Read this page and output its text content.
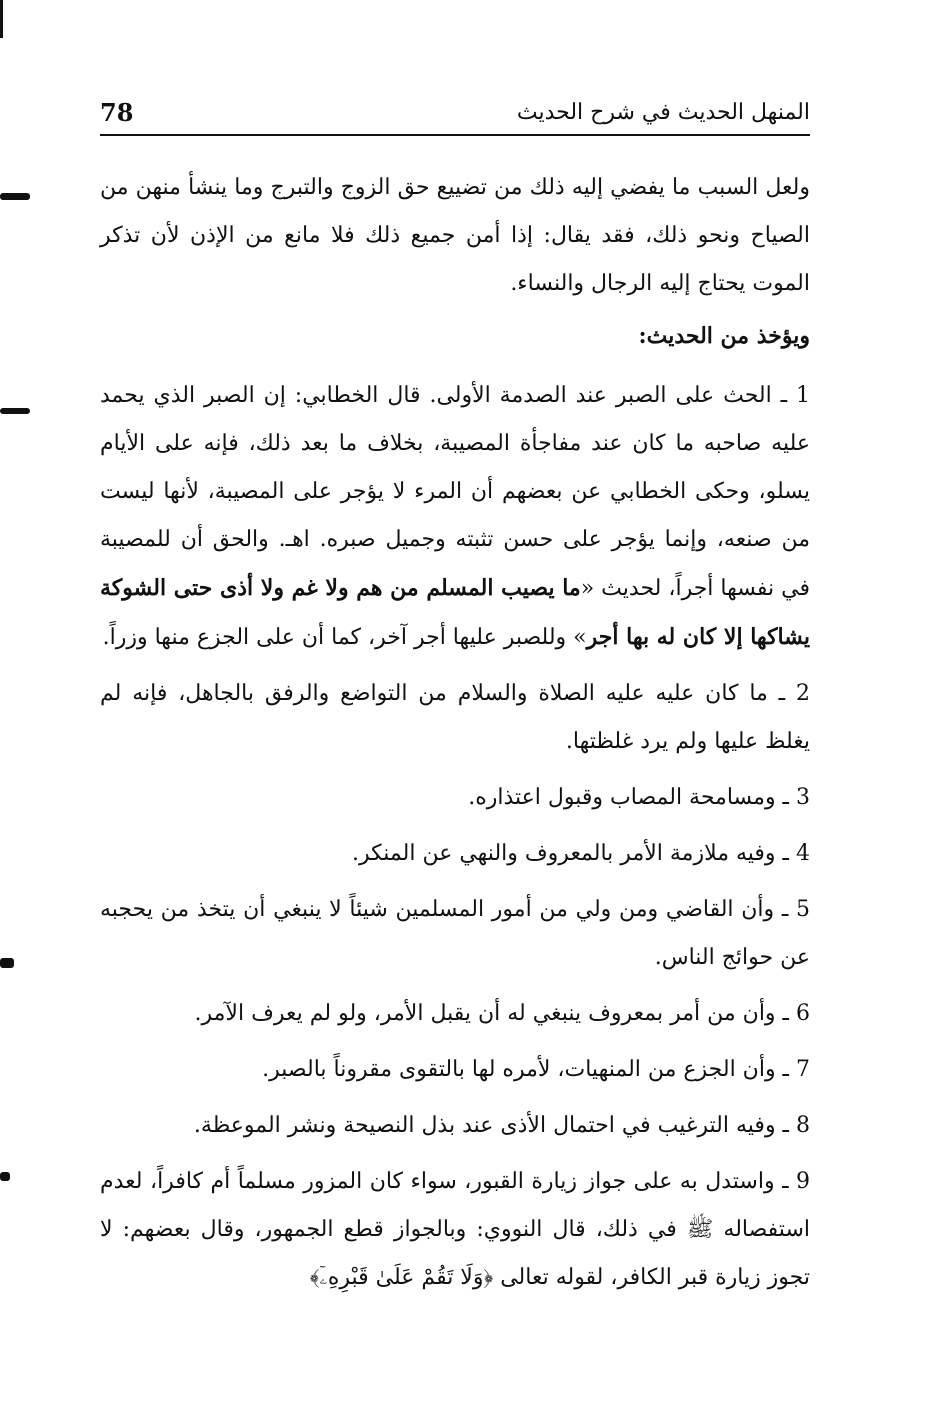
المنهل الحديث في شرح الحديث
78

ولعل السبب ما يفضي إليه ذلك من تضييع حق الزوج والتبرج وما ينشأ منهن من الصياح ونحو ذلك، فقد يقال: إذا أمن جميع ذلك فلا مانع من الإذن لأن تذكر الموت يحتاج إليه الرجال والنساء.

ويؤخذ من الحديث:

1 ـ الحث على الصبر عند الصدمة الأولى. قال الخطابي: إن الصبر الذي يحمد عليه صاحبه ما كان عند مفاجأة المصيبة، بخلاف ما بعد ذلك، فإنه على الأيام يسلو، وحكى الخطابي عن بعضهم أن المرء لا يؤجر على المصيبة، لأنها ليست من صنعه، وإنما يؤجر على حسن تثبته وجميل صبره. اهـ. والحق أن للمصيبة في نفسها أجراً، لحديث «ما يصيب المسلم من هم ولا غم ولا أذى حتى الشوكة يشاكها إلا كان له بها أجر» وللصبر عليها أجر آخر، كما أن على الجزع منها وزراً.

2 ـ ما كان عليه عليه الصلاة والسلام من التواضع والرفق بالجاهل، فإنه لم يغلظ عليها ولم يرد غلظتها.

3 ـ ومسامحة المصاب وقبول اعتذاره.

4 ـ وفيه ملازمة الأمر بالمعروف والنهي عن المنكر.

5 ـ وأن القاضي ومن ولي من أمور المسلمين شيئاً لا ينبغي أن يتخذ من يحجبه عن حوائج الناس.

6 ـ وأن من أمر بمعروف ينبغي له أن يقبل الأمر، ولو لم يعرف الآمر.

7 ـ وأن الجزع من المنهيات، لأمره لها بالتقوى مقروناً بالصبر.

8 ـ وفيه الترغيب في احتمال الأذى عند بذل النصيحة ونشر الموعظة.

9 ـ واستدل به على جواز زيارة القبور، سواء كان المزور مسلماً أم كافراً، لعدم استفصاله ﷺ في ذلك، قال النووي: وبالجواز قطع الجمهور، وقال بعضهم: لا تجوز زيارة قبر الكافر، لقوله تعالى ﴿وَلَا تَقُمْ عَلَىٰ قَبْرِهِۦٓ﴾
